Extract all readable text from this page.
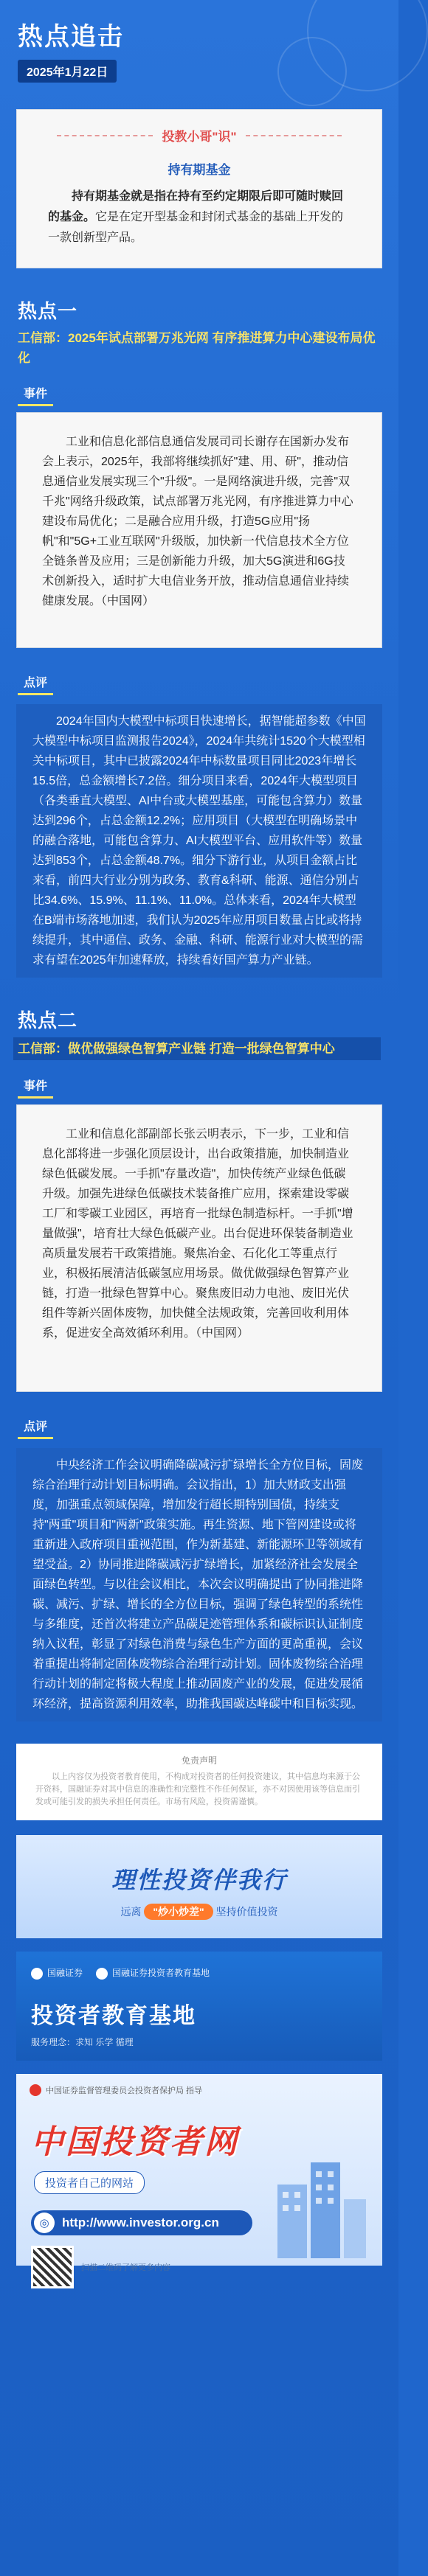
热点追击
2025年1月22日
投教小哥"识"
持有期基金
持有期基金就是指在持有至约定期限后即可随时赎回的基金。它是在定开型基金和封闭式基金的基础上开发的一款创新型产品。
热点一
工信部：2025年试点部署万兆光网 有序推进算力中心建设布局优化
事件
工业和信息化部信息通信发展司司长谢存在国新办发布会上表示，2025年，我部将继续抓好"建、用、研"，推动信息通信业发展实现三个"升级"。一是网络演进升级，完善"双千兆"网络升级政策，试点部署万兆光网，有序推进算力中心建设布局优化；二是融合应用升级，打造5G应用"扬帆"和"5G+工业互联网"升级版，加快新一代信息技术全方位全链条普及应用；三是创新能力升级，加大5G演进和6G技术创新投入，适时扩大电信业务开放，推动信息通信业持续健康发展。（中国网）
点评
2024年国内大模型中标项目快速增长，据智能超参数《中国大模型中标项目监测报告2024》，2024年共统计1520个大模型相关中标项目，其中已披露2024年中标数量项目同比2023年增长15.5倍，总金额增长7.2倍。细分项目来看，2024年大模型项目（各类垂直大模型、AI中台或大模型基座，可能包含算力）数量达到296个，占总金额12.2%；应用项目（大模型在明确场景中的融合落地，可能包含算力、AI大模型平台、应用软件等）数量达到853个，占总金额48.7%。细分下游行业，从项目金额占比来看，前四大行业分别为政务、教育&科研、能源、通信分别占比34.6%、15.9%、11.1%、11.0%。总体来看，2024年大模型在B端市场落地加速，我们认为2025年应用项目数量占比或将持续提升，其中通信、政务、金融、科研、能源行业对大模型的需求有望在2025年加速释放，持续看好国产算力产业链。
热点二
工信部：做优做强绿色智算产业链 打造一批绿色智算中心
事件
工业和信息化部副部长张云明表示，下一步，工业和信息化部将进一步强化顶层设计，出台政策措施，加快制造业绿色低碳发展。一手抓"存量改造"，加快传统产业绿色低碳升级。加强先进绿色低碳技术装备推广应用，探索建设零碳工厂和零碳工业园区，再培育一批绿色制造标杆。一手抓"增量做强"，培育壮大绿色低碳产业。出台促进环保装备制造业高质量发展若干政策措施。聚焦冶金、石化化工等重点行业，积极拓展清洁低碳氢应用场景。做优做强绿色智算产业链，打造一批绿色智算中心。聚焦废旧动力电池、废旧光伏组件等新兴固体废物，加快健全法规政策，完善回收利用体系，促进安全高效循环利用。（中国网）
点评
中央经济工作会议明确降碳减污扩绿增长全方位目标，固废综合治理行动计划目标明确。会议指出，1）加大财政支出强度，加强重点领域保障，增加发行超长期特别国债，持续支持"两重"项目和"两新"政策实施。再生资源、地下管网建设或将重新进入政府项目重视范围，作为新基建、新能源环卫等领域有望受益。2）协同推进降碳减污扩绿增长，加紧经济社会发展全面绿色转型。与以往会议相比，本次会议明确提出了协同推进降碳、减污、扩绿、增长的全方位目标，强调了绿色转型的系统性与多维度，还首次将建立产品碳足迹管理体系和碳标识认证制度纳入议程，彰显了对绿色消费与绿色生产方面的更高重视，会议着重提出将制定固体废物综合治理行动计划。固体废物综合治理行动计划的制定将极大程度上推动固废产业的发展，促进发展循环经济，提高资源利用效率，助推我国碳达峰碳中和目标实现。
免责声明
以上内容仅为投资者教育使用，不构成对投资者的任何投资建议，其中信息均来源于公开资料，国融证券对其中信息的准确性和完整性不作任何保证，亦不对因使用该等信息而引发或可能引发的损失承担任何责任。市场有风险，投资需谨慎。
理性投资伴我行
远离 "炒小炒差" 坚持价值投资
国融证券	国融证券投资者教育基地
投资者教育基地
服务理念：求知 乐学 循理
中国证券监督管理委员会投资者保护局 指导
中国投资者网
投资者自己的网站
◎	http://www.investor.org.cn
扫描二维码了解更多内容
